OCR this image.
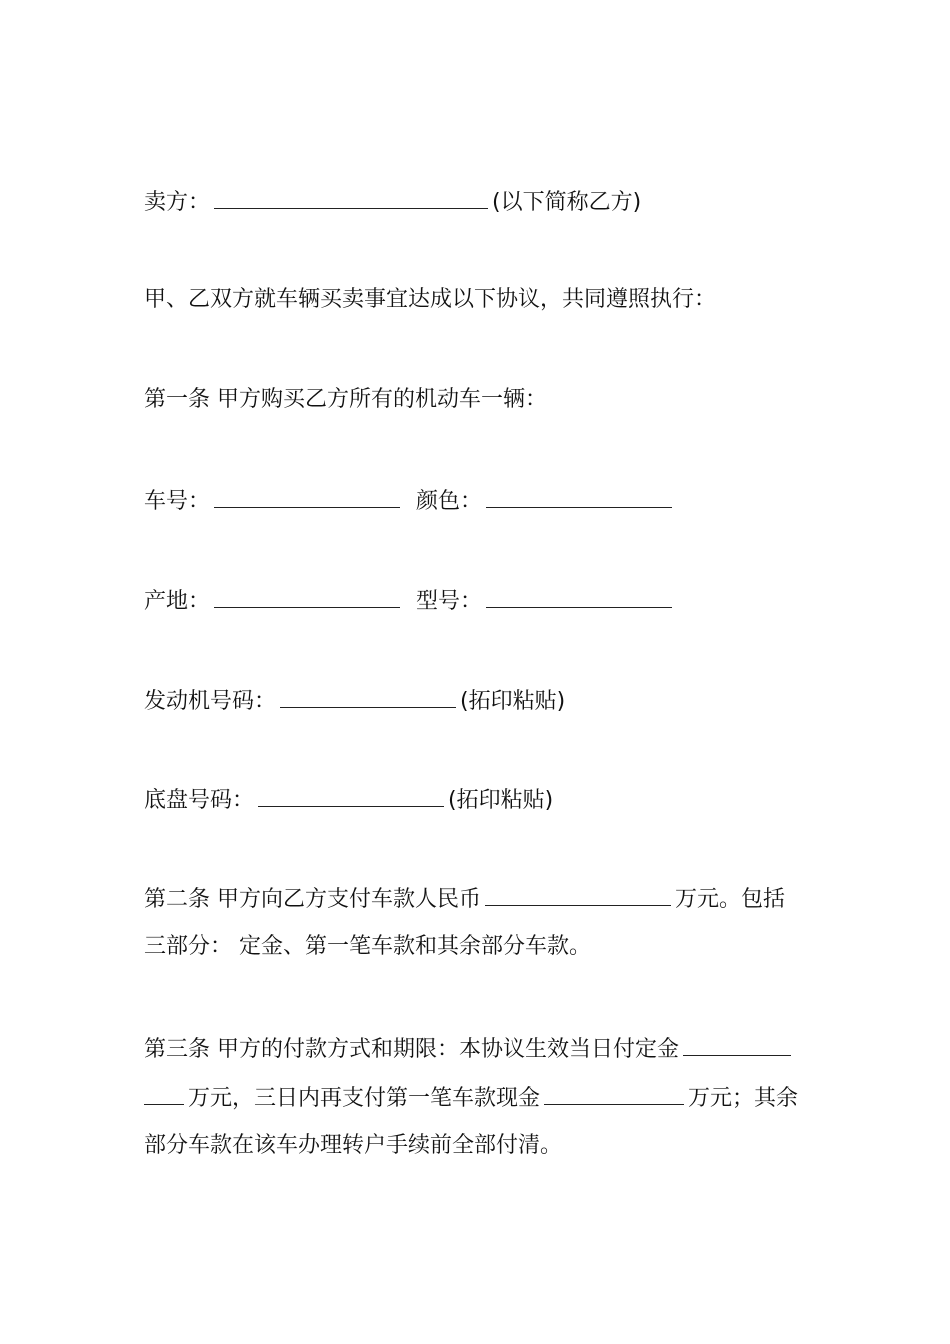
卖方：	(以下简称乙方)
甲、乙双方就车辆买卖事宜达成以下协议，共同遵照执行：
第一条 甲方购买乙方所有的机动车一辆：
车号：	颜色：
产地：	型号：
发动机号码：	(拓印粘贴)
底盘号码：	(拓印粘贴)
第二条 甲方向乙方支付车款人民币	万元。包括
三部分： 定金、第一笔车款和其余部分车款。
第三条 甲方的付款方式和期限：本协议生效当日付定金
万元，三日内再支付第一笔车款现金	万元；其余
部分车款在该车办理转户手续前全部付清。
